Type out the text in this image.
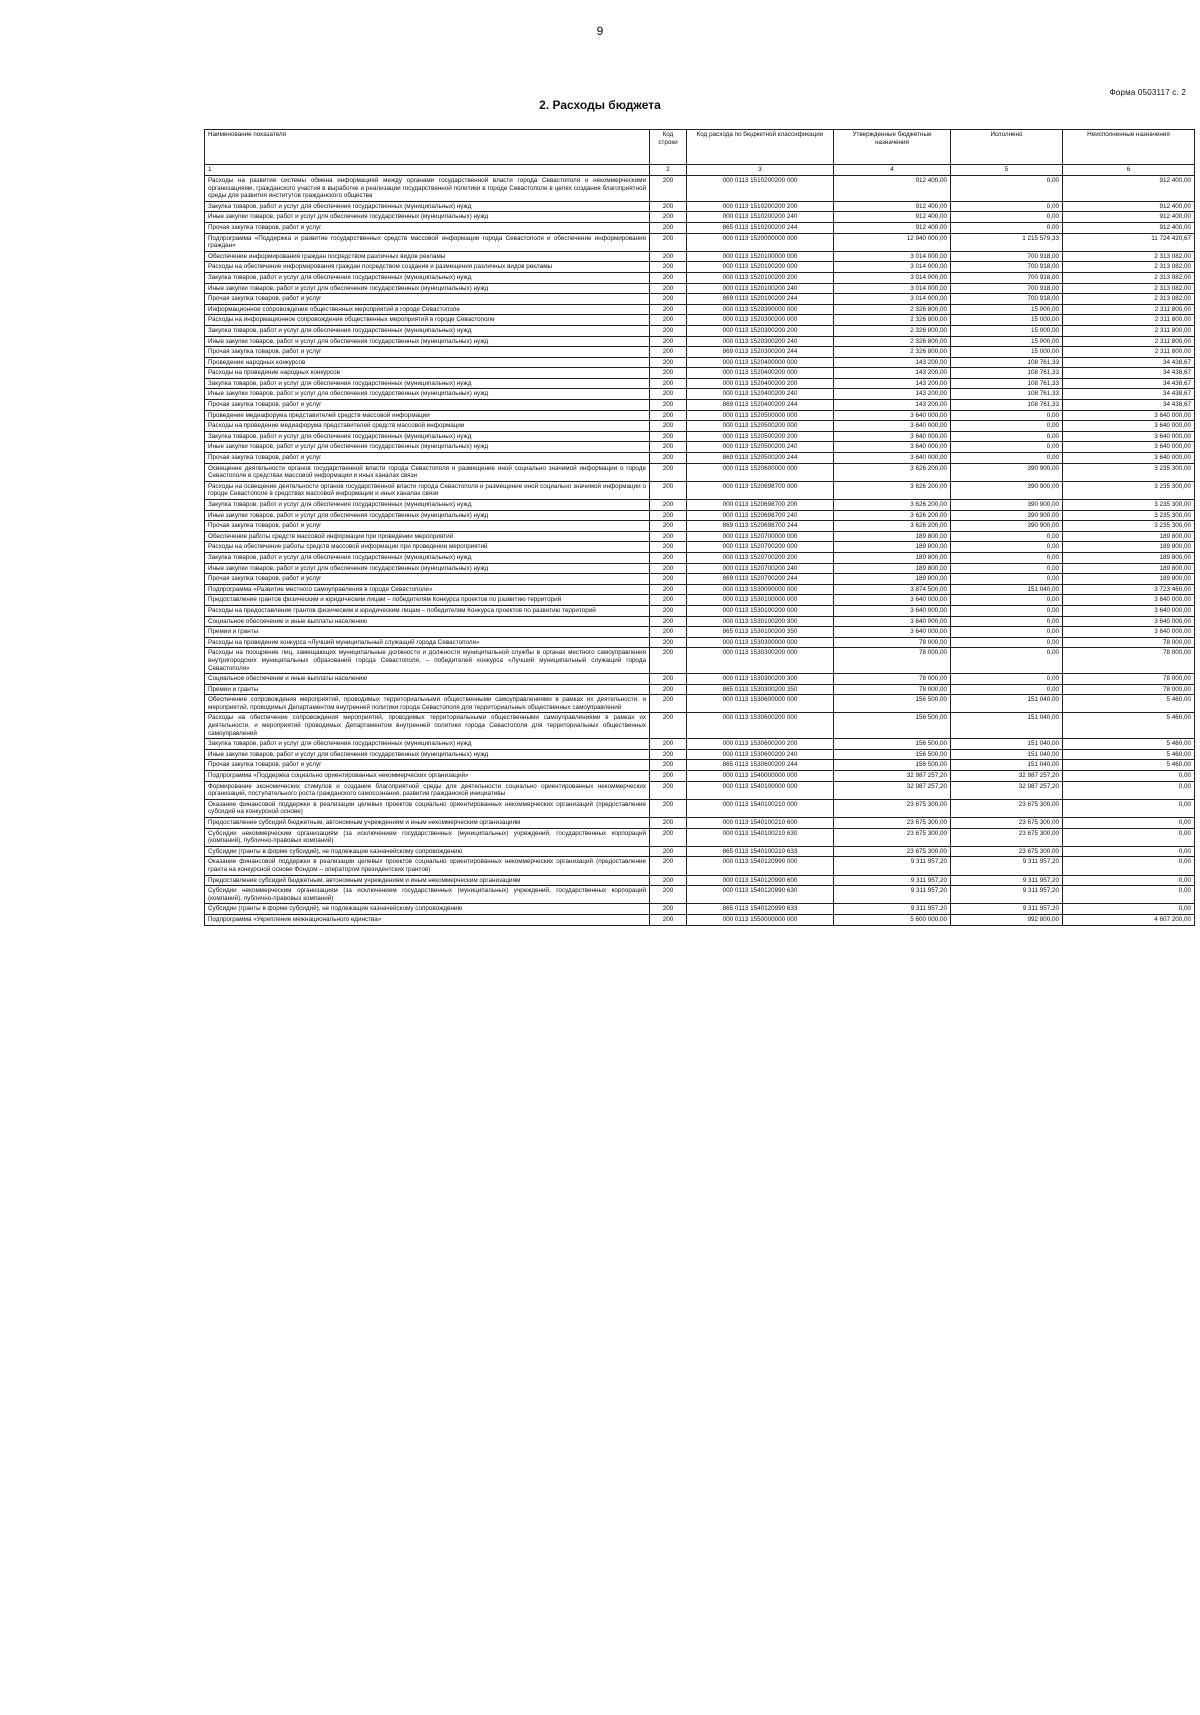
9
Форма 0503117 с. 2
2. Расходы бюджета
Наименование показателя	Код строки	Код расхода по бюджетной классификации	Утвержденные бюджетные назначения	Исполнено	Неисполненные назначения
1	2	3	4	5	6
Расходы на развитие системы обмена информацией между органами государственной власти города Севастополя и некоммерческими организациями, гражданского участия в выработке и реализации государственной политики в городе Севастополе в целях создания благоприятной среды для развития институтов гражданского общества	200	000 0113 1510200200 000	912 400,00	0,00	912 400,00
Закупка товаров, работ и услуг для обеспечения государственных (муниципальных) нужд	200	000 0113 1510200200 200	912 400,00	0,00	912 400,00
Иные закупки товаров, работ и услуг для обеспечения государственных (муниципальных) нужд	200	000 0113 1510200200 240	912 400,00	0,00	912 400,00
Прочая закупка товаров, работ и услуг	200	865 0113 1510200200 244	912 400,00	0,00	912 400,00
Подпрограмма «Поддержка и развитие государственных средств массовой информации города Севастополя и обеспечение информирования граждан»	200	000 0113 1520000000 000	12 940 000,00	1 215 579,33	11 724 420,67
Обеспечение информирования граждан посредством различных видов рекламы	200	000 0113 1520100000 000	3 014 000,00	700 918,00	2 313 082,00
Расходы на обеспечение информирования граждан посредством создания и размещения различных видов рекламы	200	000 0113 1520100200 000	3 014 000,00	700 918,00	2 313 082,00
Закупка товаров, работ и услуг для обеспечения государственных (муниципальных) нужд	200	000 0113 1520100200 200	3 014 000,00	700 918,00	2 313 082,00
Иные закупки товаров, работ и услуг для обеспечения государственных (муниципальных) нужд	200	000 0113 1520100200 240	3 014 000,00	700 918,00	2 313 082,00
Прочая закупка товаров, работ и услуг	200	869 0113 1520100200 244	3 014 000,00	700 918,00	2 313 082,00
Информационное сопровождение общественных мероприятий в городе Севастополе	200	000 0113 1520300000 000	2 326 800,00	15 000,00	2 311 800,00
Расходы на информационное сопровождение общественных мероприятий в городе Севастополе	200	000 0113 1520300200 000	2 326 800,00	15 000,00	2 311 800,00
Закупка товаров, работ и услуг для обеспечения государственных (муниципальных) нужд	200	000 0113 1520300200 200	2 326 800,00	15 000,00	2 311 800,00
Иные закупки товаров, работ и услуг для обеспечения государственных (муниципальных) нужд	200	000 0113 1520300200 240	2 326 800,00	15 000,00	2 311 800,00
Прочая закупка товаров, работ и услуг	200	869 0113 1520300200 244	2 326 800,00	15 000,00	2 311 800,00
Проведение народных конкурсов	200	000 0113 1520400000 000	143 200,00	108 761,33	34 438,67
Расходы на проведение народных конкурсов	200	000 0113 1520400200 000	143 200,00	108 761,33	34 438,67
Закупка товаров, работ и услуг для обеспечения государственных (муниципальных) нужд	200	000 0113 1520400200 200	143 200,00	108 761,33	34 438,67
Иные закупки товаров, работ и услуг для обеспечения государственных (муниципальных) нужд	200	000 0113 1520400200 240	143 200,00	108 761,33	34 438,67
Прочая закупка товаров, работ и услуг	200	869 0113 1520400200 244	143 200,00	108 761,33	34 438,67
Проведение медиафорума представителей средств массовой информации	200	000 0113 1520500000 000	3 640 000,00	0,00	3 640 000,00
Расходы на проведение медиафорума представителей средств массовой информации	200	000 0113 1520500200 000	3 640 000,00	0,00	3 640 000,00
Закупка товаров, работ и услуг для обеспечения государственных (муниципальных) нужд	200	000 0113 1520500200 200	3 640 000,00	0,00	3 640 000,00
Иные закупки товаров, работ и услуг для обеспечения государственных (муниципальных) нужд	200	000 0113 1520500200 240	3 640 000,00	0,00	3 640 000,00
Прочая закупка товаров, работ и услуг	200	869 0113 1520500200 244	3 640 000,00	0,00	3 640 000,00
Освещение деятельности органов государственной власти города Севастополя и размещение иной социально значимой информации о городе Севастополе в средствах массовой информации и иных каналах связи	200	000 0113 1520600000 000	3 626 200,00	390 900,00	3 235 300,00
Расходы на освещение деятельности органов государственной власти города Севастополя и размещение иной социально значимой информации о городе Севастополе в средствах массовой информации и иных каналах связи	200	000 0113 1520698700 000	3 626 200,00	390 900,00	3 235 300,00
Закупка товаров, работ и услуг для обеспечения государственных (муниципальных) нужд	200	000 0113 1520698700 200	3 626 200,00	390 900,00	3 235 300,00
Иные закупки товаров, работ и услуг для обеспечения государственных (муниципальных) нужд	200	000 0113 1520698700 240	3 626 200,00	390 900,00	3 235 300,00
Прочая закупка товаров, работ и услуг	200	869 0113 1520698700 244	3 626 200,00	390 900,00	3 235 300,00
Обеспечение работы средств массовой информации при проведении мероприятий	200	000 0113 1520700000 000	189 800,00	0,00	189 800,00
Расходы на обеспечение работы средств массовой информации при проведении мероприятий	200	000 0113 1520700200 000	189 800,00	0,00	189 800,00
Закупка товаров, работ и услуг для обеспечения государственных (муниципальных) нужд	200	000 0113 1520700200 200	189 800,00	0,00	189 800,00
Иные закупки товаров, работ и услуг для обеспечения государственных (муниципальных) нужд	200	000 0113 1520700200 240	189 800,00	0,00	189 800,00
Прочая закупка товаров, работ и услуг	200	869 0113 1520700200 244	189 800,00	0,00	189 800,00
Подпрограмма «Развитие местного самоуправления в городе Севастополе»	200	000 0113 1530000000 000	3 874 500,00	151 040,00	3 723 460,00
Предоставление грантов физическим и юридическим лицам – победителям Конкурса проектов по развитию территорий	200	000 0113 1530100000 000	3 640 000,00	0,00	3 640 000,00
Расходы на предоставление грантов физическим и юридическим лицам – победителям Конкурса проектов по развитию территорий	200	000 0113 1530100200 000	3 640 000,00	0,00	3 640 000,00
Социальное обеспечение и иные выплаты населению	200	000 0113 1530100200 300	3 640 000,00	0,00	3 640 000,00
Премии и гранты	200	865 0113 1530100200 350	3 640 000,00	0,00	3 640 000,00
Расходы на проведение конкурса «Лучший муниципальный служащий города Севастополя»	200	000 0113 1530300000 000	78 000,00	0,00	78 000,00
Расходы на поощрение лиц, замещающих муниципальные должности и должности муниципальной службы в органах местного самоуправления внутригородских муниципальных образований города Севастополя, – победителей конкурса «Лучший муниципальный служащий города Севастополя»	200	000 0113 1530300200 000	78 000,00	0,00	78 000,00
Социальное обеспечение и иные выплаты населению	200	000 0113 1530300200 300	78 000,00	0,00	78 000,00
Премии и гранты	200	865 0113 1530300200 350	78 000,00	0,00	78 000,00
Обеспечение сопровождения мероприятий, проводимых территориальными общественными самоуправлениями в рамках их деятельности, и мероприятий, проводимых Департаментом внутренней политики города Севастополя для территориальных общественных самоуправлений	200	000 0113 1530600000 000	156 500,00	151 040,00	5 460,00
Расходы на обеспечение сопровождения мероприятий, проводимых территориальными общественными самоуправлениями в рамках их деятельности, и мероприятий проводимых Департаментом внутренней политики города Севастополя для территориальных общественных самоуправлений	200	000 0113 1530600200 000	156 500,00	151 040,00	5 460,00
Закупка товаров, работ и услуг для обеспечения государственных (муниципальных) нужд	200	000 0113 1530600200 200	156 500,00	151 040,00	5 460,00
Иные закупки товаров, работ и услуг для обеспечения государственных (муниципальных) нужд	200	000 0113 1530600200 240	156 500,00	151 040,00	5 460,00
Прочая закупка товаров, работ и услуг	200	865 0113 1530600200 244	156 500,00	151 040,00	5 460,00
Подпрограмма «Поддержка социально ориентированных некоммерческих организаций»	200	000 0113 1540000000 000	32 987 257,20	32 987 257,20	0,00
Формирование экономических стимулов и создание благоприятной среды для деятельности социально ориентированных некоммерческих организаций, поступательного роста гражданского самосознания, развития гражданской инициативы	200	000 0113 1540100000 000	32 987 257,20	32 987 257,20	0,00
Оказание финансовой поддержки в реализации целевых проектов социально ориентированных некоммерческих организаций (предоставление субсидий на конкурсной основе)	200	000 0113 1540100210 000	23 675 300,00	23 675 300,00	0,00
Предоставление субсидий бюджетным, автономным учреждениям и иным некоммерческим организациям	200	000 0113 1540100210 600	23 675 300,00	23 675 300,00	0,00
Субсидии некоммерческим организациям (за исключением государственных (муниципальных) учреждений, государственных корпораций (компаний), публично-правовых компаний)	200	000 0113 1540100210 630	23 675 300,00	23 675 300,00	0,00
Субсидии (гранты в форме субсидий), не подлежащие казначейскому сопровождению	200	865 0113 1540100210 633	23 675 300,00	23 675 300,00	0,00
Оказание финансовой поддержки в реализации целевых проектов социально ориентированных некоммерческих организаций (предоставление гранта на конкурсной основе Фондом – оператором президентских грантов)	200	000 0113 1540120990 000	9 311 957,20	9 311 957,20	0,00
Предоставление субсидий бюджетным, автономным учреждениям и иным некоммерческим организациям	200	000 0113 1540120990 600	9 311 957,20	9 311 957,20	0,00
Субсидии некоммерческим организациям (за исключением государственных (муниципальных) учреждений, государственных корпораций (компаний), публично-правовых компаний)	200	000 0113 1540120990 630	9 311 957,20	9 311 957,20	0,00
Субсидии (гранты в форме субсидий), не подлежащие казначейскому сопровождению	200	865 0113 1540120990 633	9 311 957,20	9 311 957,20	0,00
Подпрограмма «Укрепление межнационального единства»	200	000 0113 1550000000 000	5 600 000,00	992 800,00	4 607 200,00
